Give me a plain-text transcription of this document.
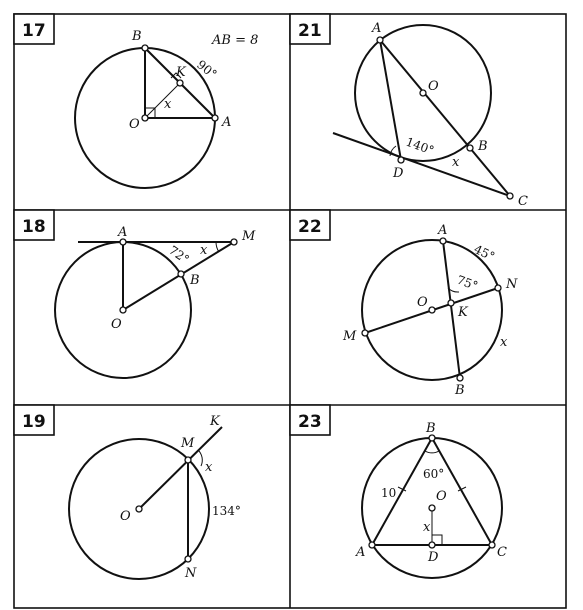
17	B
K
O	A
x
90°
AB = 8
18	A	M
B
O
x
72°
19	K
M
O
N
x
134°
21	A
O
B
D
C
x
140°
22	A
N
O
K
M
B
x
45°
75°
23	B
O
A	D	C
x
60°
10
